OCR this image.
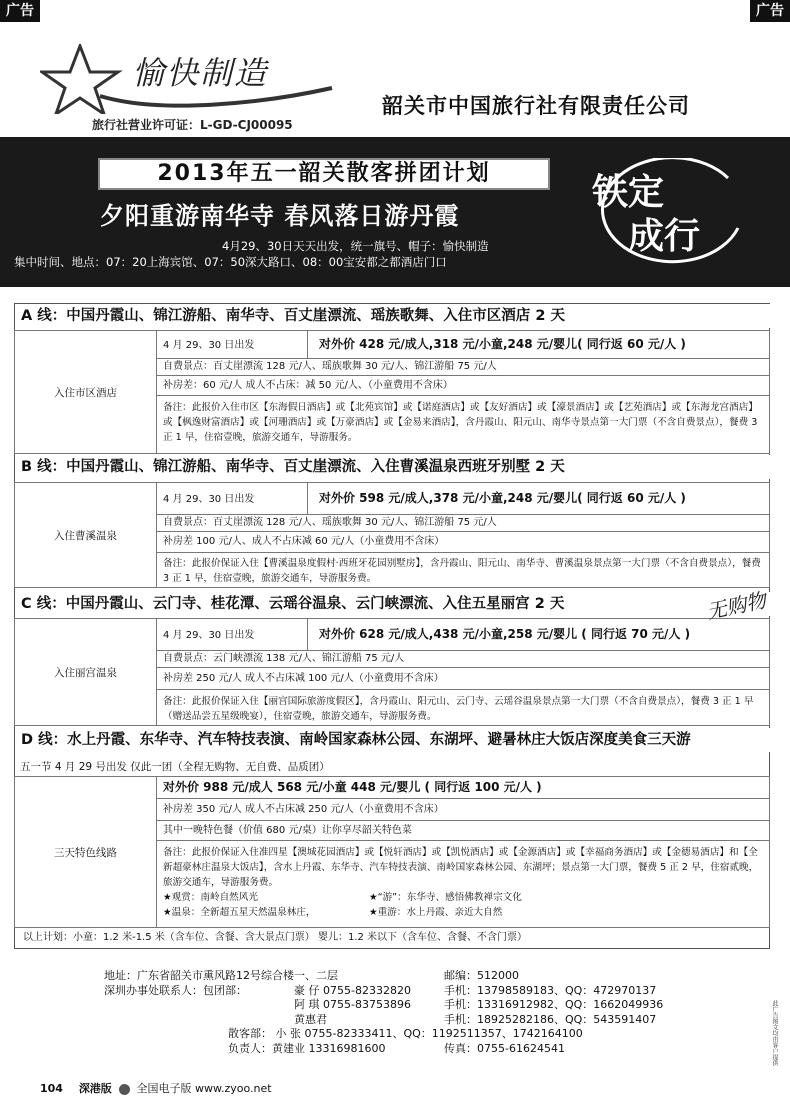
广告	广告
愉快制造
旅行社营业许可证：L-GD-CJ00095
韶关市中国旅行社有限责任公司
2013年五一韶关散客拼团计划
夕阳重游南华寺 春风落日游丹霞
铁定
成行
4月29、30日天天出发，统一旗号、帽子：愉快制造
集中时间、地点：07：20上海宾馆、07：50深大路口、08：00宝安都之都酒店门口
A 线：中国丹霞山、锦江游船、南华寺、百丈崖漂流、瑶族歌舞、入住市区酒店 2 天
入住市区酒店
4 月 29、30 日出发	对外价 428 元/成人,318 元/小童,248 元/婴儿( 同行返 60 元/人 )
自费景点：百丈崖漂流 128 元/人、瑶族歌舞 30 元/人、锦江游船 75 元/人
补房差：60 元/人 成人不占床：减 50 元/人、（小童费用不含床）
备注：此报价入住市区【东海假日酒店】或【北苑宾馆】或【诺庭酒店】或【友好酒店】或【濠景酒店】或【艺苑酒店】或【东海龙宫酒店】或【枫逸财富酒店】或【河珊酒店】或【万豪酒店】或【金易来酒店】，含丹霞山、阳元山、南华寺景点第一大门票（不含自费景点），餐费 3 正 1 早，住宿壹晚，旅游交通车，导游服务。
B 线：中国丹霞山、锦江游船、南华寺、百丈崖漂流、入住曹溪温泉西班牙别墅 2 天
入住曹溪温泉
4 月 29、30 日出发	对外价 598 元/成人,378 元/小童,248 元/婴儿( 同行返 60 元/人 )
自费景点：百丈崖漂流 128 元/人、瑶族歌舞 30 元/人、锦江游船 75 元/人
补房差 100 元/人、成人不占床减 60 元/人（小童费用不含床）
备注：此报价保证入住【曹溪温泉度假村·西班牙花园别墅房】，含丹霞山、阳元山、南华寺、曹溪温泉景点第一大门票（不含自费景点），餐费 3 正 1 早，住宿壹晚，旅游交通车，导游服务费。
C 线：中国丹霞山、云门寺、桂花潭、云瑶谷温泉、云门峡漂流、入住五星丽宫 2 天
入住丽宫温泉
4 月 29、30 日出发	对外价 628 元/成人,438 元/小童,258 元/婴儿 ( 同行返 70 元/人 )
自费景点：云门峡漂流 138 元/人、锦江游船 75 元/人
补房差 250 元/人 成人不占床减 100 元/人（小童费用不含床）
备注：此报价保证入住【丽宫国际旅游度假区】，含丹霞山、阳元山、云门寺、云瑶谷温泉景点第一大门票（不含自费景点），餐费 3 正 1 早（赠送品尝五星级晚宴），住宿壹晚，旅游交通车，导游服务费。
D 线：水上丹霞、东华寺、汽车特技表演、南岭国家森林公园、东湖坪、避暑林庄大饭店深度美食三天游
三天特色线路
对外价 988 元/成人 568 元/小童 448 元/婴儿 ( 同行返 100 元/人 )
补房差 350 元/人 成人不占床减 250 元/人（小童费用不含床）
其中一晚特色餐（价值 680 元/桌）让你享尽韶关特色菜
备注：此报价保证入住准四星【澳城花园酒店】或【悦轩酒店】或【凯悦酒店】或【金源酒店】或【幸福商务酒店】或【金德易酒店】和【全新超豪林庄温泉大饭店】，含水上丹霞、东华寺、汽车特技表演、南岭国家森林公园、东湖坪；景点第一大门票，餐费 5 正 2 早，住宿贰晚，旅游交通车，导游服务费。
★观赏：南岭自然风光	★“游”：东华寺、感悟佛教禅宗文化
★温泉：全新超五星天然温泉林庄，	★重游：水上丹霞、亲近大自然
以上计划：小童：1.2 米-1.5 米（含车位、含餐、含大景点门票） 婴儿：1.2 米以下（含车位、含餐、不含门票）
无购物
五一节 4 月 29 号出发 仅此一团（全程无购物、无自费、品质团）
地址：广东省韶关市熏风路12号综合楼一、二层	邮编：512000
深圳办事处联系人：包团部：	豪 仔 0755-82332820	手机：13798589183、QQ：472970137
阿 琪 0755-83753896	手机：13316912982、QQ：1662049936
黄惠君	手机：18925282186、QQ：543591407
散客部： 小 张 0755-82333411、QQ：1192511357、1742164100
负责人：黄建业 13316981600	传真：0755-61624541
104 深港版 全国电子版 www.zyoo.net
此广告图文均由客户提供
